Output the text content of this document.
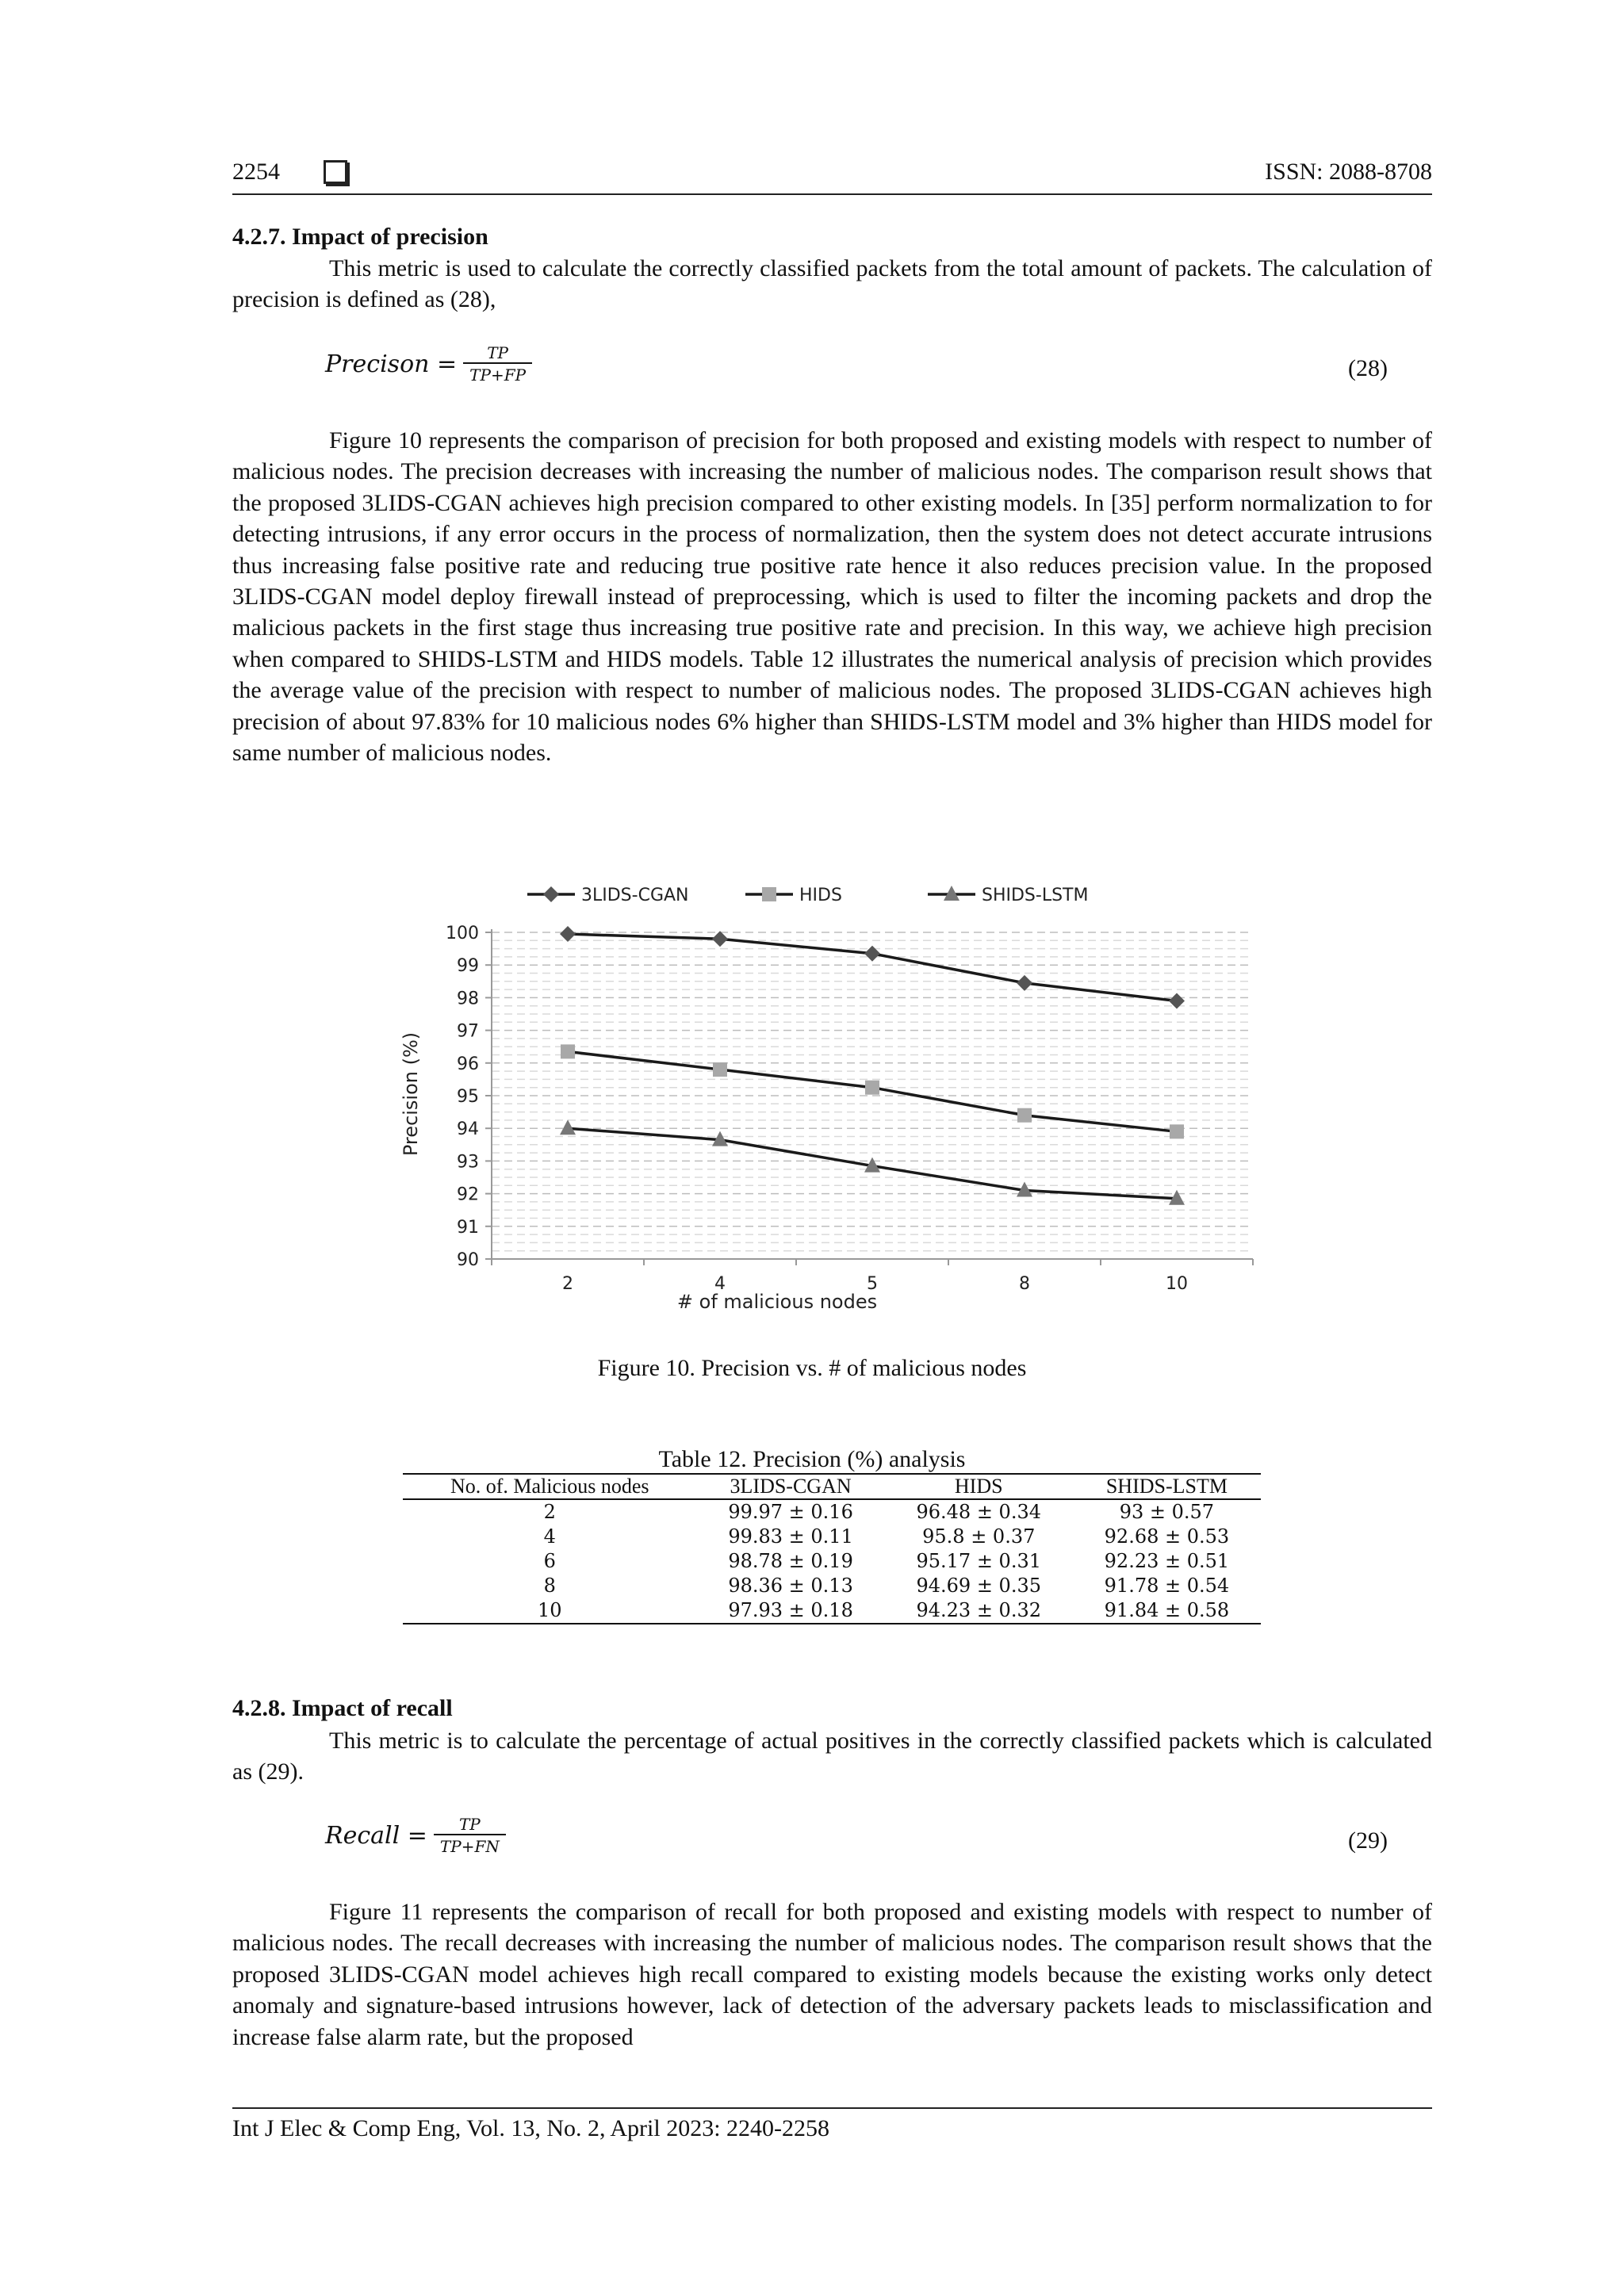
2254	ISSN: 2088-8708
4.2.7. Impact of precision
This metric is used to calculate the correctly classified packets from the total amount of packets. The calculation of precision is defined as (28),
Precison = $\frac{TP}{TP+FP}$	(28)
Figure 10 represents the comparison of precision for both proposed and existing models with respect to number of malicious nodes. The precision decreases with increasing the number of malicious nodes. The comparison result shows that the proposed 3LIDS-CGAN achieves high precision compared to other existing models. In [35] perform normalization to for detecting intrusions, if any error occurs in the process of normalization, then the system does not detect accurate intrusions thus increasing false positive rate and reducing true positive rate hence it also reduces precision value. In the proposed 3LIDS-CGAN model deploy firewall instead of preprocessing, which is used to filter the incoming packets and drop the malicious packets in the first stage thus increasing true positive rate and precision. In this way, we achieve high precision when compared to SHIDS-LSTM and HIDS models. Table 12 illustrates the numerical analysis of precision which provides the average value of the precision with respect to number of malicious nodes. The proposed 3LIDS-CGAN achieves high precision of about 97.83% for 10 malicious nodes 6% higher than SHIDS-LSTM model and 3% higher than HIDS model for same number of malicious nodes.
3LIDS-CGAN	HIDS	SHIDS-LSTM
90
91
92
93
94
95
96
97
98
99
100
2	4	5	8	10
# of malicious nodes
Precision (%)
Figure 10. Precision vs. # of malicious nodes
Table 12. Precision (%) analysis
No. of. Malicious nodes	3LIDS-CGAN	HIDS	SHIDS-LSTM
2	99.97 ± 0.16	96.48 ± 0.34	93 ± 0.57
4	99.83 ± 0.11	95.8 ± 0.37	92.68 ± 0.53
6	98.78 ± 0.19	95.17 ± 0.31	92.23 ± 0.51
8	98.36 ± 0.13	94.69 ± 0.35	91.78 ± 0.54
10	97.93 ± 0.18	94.23 ± 0.32	91.84 ± 0.58
4.2.8. Impact of recall
This metric is to calculate the percentage of actual positives in the correctly classified packets which is calculated as (29).
Recall = $\frac{TP}{TP+FN}$	(29)
Figure 11 represents the comparison of recall for both proposed and existing models with respect to number of malicious nodes. The recall decreases with increasing the number of malicious nodes. The comparison result shows that the proposed 3LIDS-CGAN model achieves high recall compared to existing models because the existing works only detect anomaly and signature-based intrusions however, lack of detection of the adversary packets leads to misclassification and increase false alarm rate, but the proposed
Int J Elec & Comp Eng, Vol. 13, No. 2, April 2023: 2240-2258
